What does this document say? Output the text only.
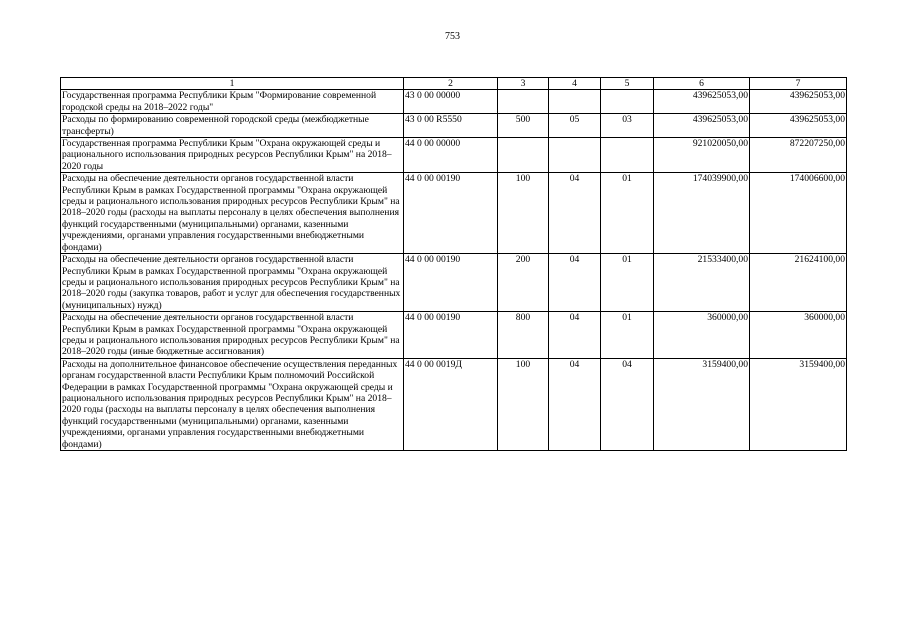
753
1	2	3	4	5	6	7
Государственная программа Республики Крым "Формирование современной городской среды на 2018–2022 годы"	43 0 00 00000				439625053,00	439625053,00
Расходы по формированию современной городской среды (межбюджетные трансферты)	43 0 00 R5550	500	05	03	439625053,00	439625053,00
Государственная программа Республики Крым "Охрана окружающей среды и рационального использования природных ресурсов Республики Крым" на 2018–2020 годы	44 0 00 00000				921020050,00	872207250,00
Расходы на обеспечение деятельности органов государственной власти Республики Крым в рамках Государственной программы "Охрана окружающей среды и рационального использования природных ресурсов Республики Крым" на 2018–2020 годы (расходы на выплаты персоналу в целях обеспечения выполнения функций государственными (муниципальными) органами, казенными учреждениями, органами управления государственными внебюджетными фондами)	44 0 00 00190	100	04	01	174039900,00	174006600,00
Расходы на обеспечение деятельности органов государственной власти Республики Крым в рамках Государственной программы "Охрана окружающей среды и рационального использования природных ресурсов Республики Крым" на 2018–2020 годы (закупка товаров, работ и услуг для обеспечения государственных (муниципальных) нужд)	44 0 00 00190	200	04	01	21533400,00	21624100,00
Расходы на обеспечение деятельности органов государственной власти Республики Крым в рамках Государственной программы "Охрана окружающей среды и рационального использования природных ресурсов Республики Крым" на 2018–2020 годы (иные бюджетные ассигнования)	44 0 00 00190	800	04	01	360000,00	360000,00
Расходы на дополнительное финансовое обеспечение осуществления переданных органам государственной власти Республики Крым полномочий Российской Федерации в рамках Государственной программы "Охрана окружающей среды и рационального использования природных ресурсов Республики Крым" на 2018–2020 годы (расходы на выплаты персоналу в целях обеспечения выполнения функций государственными (муниципальными) органами, казенными учреждениями, органами управления государственными внебюджетными фондами)	44 0 00 0019Д	100	04	04	3159400,00	3159400,00
